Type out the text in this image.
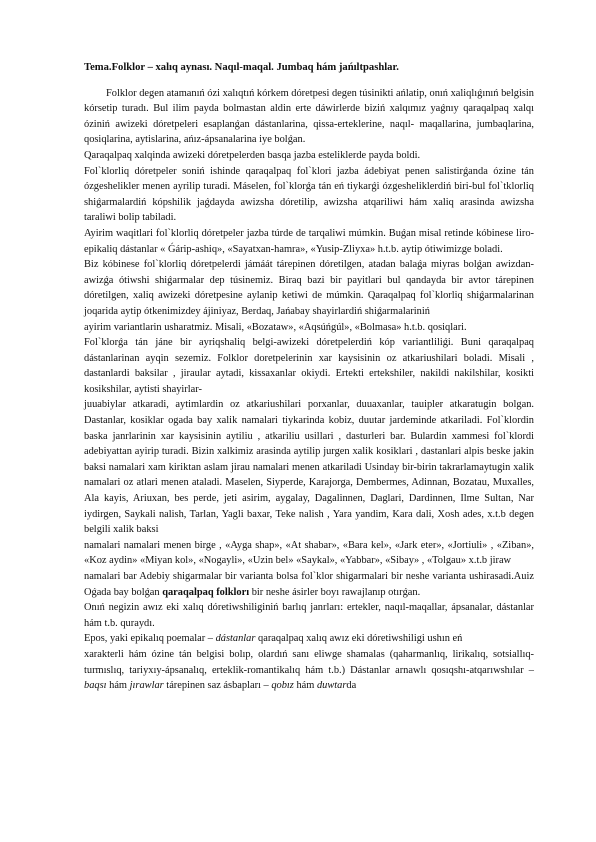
Tema.Folklor – xalıq aynası. Naqıl-maqal. Jumbaq hám jańıltpashlar.

Folklor degen atamanıń ózi xalıqtıń kórkem dóretpesi degen túsinikti ańlatip, onıń xaliqlıǵınıń belgisin kórsetip turadı. Bul ilim payda bolmastan aldin erte dáwirlerde biziń xalqımız yaǵnıy qaraqalpaq xalqı óziniń awizeki dóretpeleri esaplanǵan dástanlarina, qissa-erteklerine, naqıl- maqallarina, jumbaqlarina, qosiqlarina, aytislarina, ańız-ápsanalarina iye bolǵan.

Qaraqalpaq xalqinda awizeki dóretpelerden basqa jazba esteliklerde payda boldi.

Fol`klorliq dóretpeler soniń ishinde qaraqalpaq fol`klori jazba ádebiyat penen salistirǵanda ózine tán ózgeshelikler menen ayrilip turadi. Máselen, fol`klorǵa tán eń tiykarǵi ózgesheliklerdiń biri-bul fol`tklorliq shiǵarmalardiń kópshilik jaǵdayda awizsha dóretilip, awizsha atqariliwi hám xaliq arasinda awizsha taraliwi bolip tabiladi.

Ayirim waqitlari fol`klorliq dóretpeler jazba túrde de tarqaliwi múmkin. Buǵan misal retinde kóbinese liro-epikaliq dástanlar « Ǵárip-ashiq», «Sayatxan-hamra», «Yusip-Zliyxa» h.t.b. aytip ótiwimizge boladi.

Biz kóbinese fol`klorliq dóretpelerdi jámáát tárepinen dóretilgen, atadan balaǵa miyras bolǵan awizdan-awizǵa ótiwshi shiǵarmalar dep túsinemiz. Biraq bazi bir payitlari bul qandayda bir avtor tárepinen dóretilgen, xaliq awizeki dóretpesine aylanip ketiwi de múmkin. Qaraqalpaq fol`klorliq shiǵarmalarinan joqarida aytip ótkenimizdey ájiniyaz, Berdaq, Jańabay shayirlardiń shiǵarmalariniń

ayirim variantlarin usharatmiz. Misali, «Bozataw», «Aqsúńgúl», «Bolmasa» h.t.b. qosiqlari.

Fol`klorǵa tán jáne bir ayriqshaliq belgi-awizeki dóretpelerdiń kóp variantliliǵi. Buni qaraqalpaq dástanlarinan ayqin sezemiz. Folklor doretpelerinin xar kaysisinin oz atkariushilari boladi. Misali , dastanlardi baksilar , jiraular aytadi, kissaxanlar okiydi. Ertekti erteksh​iler, nakildi nakilshilar, kosikti kosikshilar, aytisti shayirlar-

juuabiylar atkaradi, aytimlardin oz atkariushilari porxanlar, duuaxanlar, tauipler atkaratugin bolgan. Dastanlar, kosiklar ogada bay xalik namalari tiykarinda kobiz, duutar jardeminde atkariladi. Fol`klordin baska janrlarinin xar kaysisinin aytiliu , atkariliu usillari , dasturleri bar. Bulardin xammesi fol`klordi adebiyattan ayirip turadi. Bizin xalkimiz arasinda aytilip jurgen xalik kosiklari , dastanlari alpis beske jakin baksi namalari xam kiriktan aslam jirau namalari menen atkariladi Usinday bir-birin takrarlamaytugin xalik namalari oz atlari menen ataladi. Maselen, Siyperde, Karajorga, Dembermes, Adinnan, Bozatau, Muxalles, Ala kayis, Ariuxan, bes perde, jeti asirim, aygalay, Dagalinnen, Daglari, Dardinnen, Ilme Sultan, Nar iydirgen, Saykali nalish, Tarlan, Yagli baxar, Teke nalish , Yara yandim, Kara dali, Xosh ades, x.t.b degen belgili xalik baksi

namalari namalari menen birge , «Ayga shap», «At shabar», «Bara kel», «Jark eter», «Jortiuli» , «Ziban», «Koz aydin» «Miyan kol», «Nogayli», «Uzin bel» «Saykal», «Yabbar», «Sibay» , «Tolgau» x.t.b jiraw

namalari bar Adebiy shigarmalar bir varianta bolsa fol`klor shigarmalari bir neshe varianta ushirasadi.Auiz Oǵada bay bolǵan qaraqalpaq folklorı bir neshe ásirler boyı rawajlanıp otırǵan.

Onıń negizin awız eki xalıq dóretiwshiliginiń barlıq janrları: ertekler, naqıl-maqallar, ápsanalar, dástanlar hám t.b. quraydı.

Epos, yaki epikalıq poemalar – dástanlar qaraqalpaq xalıq awız eki dóretiwshiligi ushın eń

xarakterli hám ózine tán belgisi bolıp, olardıń sanı eliwge shamalas (qaharmanlıq, lirikalıq, sotsiallıq-turmıslıq, tariyxıy-ápsanalıq, erteklik-romantikalıq hám t.b.) Dástanlar arnawlı qosıqshı-atqarıwshılar – baqsı hám jırawlar tárepinen saz ásbapları – qobız hám duwtarda
